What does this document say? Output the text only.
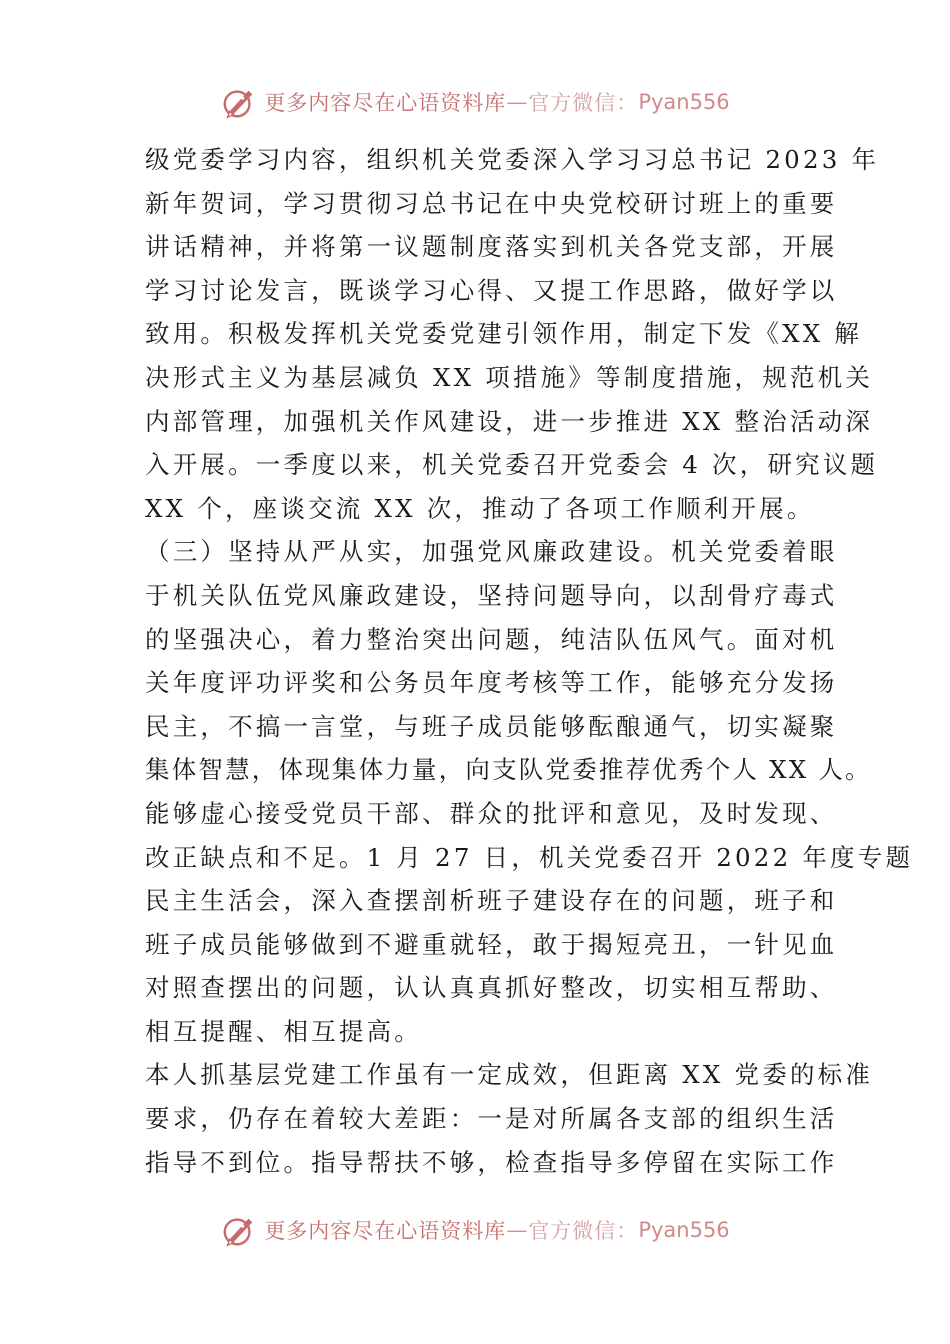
更多内容尽在心语资料库 — 官方微信： Pyan556
级党委学习内容，组织机关党委深入学习习总书记 2023 年
新年贺词，学习贯彻习总书记在中央党校研讨班上的重要
讲话精神，并将第一议题制度落实到机关各党支部，开展
学习讨论发言，既谈学习心得、又提工作思路，做好学以
致用。积极发挥机关党委党建引领作用，制定下发《XX 解
决形式主义为基层减负 XX 项措施》等制度措施，规范机关
内部管理，加强机关作风建设，进一步推进 XX 整治活动深
入开展。一季度以来，机关党委召开党委会 4 次，研究议题
XX 个，座谈交流 XX 次，推动了各项工作顺利开展。
（三）坚持从严从实，加强党风廉政建设。机关党委着眼
于机关队伍党风廉政建设，坚持问题导向，以刮骨疗毒式
的坚强决心，着力整治突出问题，纯洁队伍风气。面对机
关年度评功评奖和公务员年度考核等工作，能够充分发扬
民主，不搞一言堂，与班子成员能够酝酿通气，切实凝聚
集体智慧，体现集体力量，向支队党委推荐优秀个人 XX 人。
能够虚心接受党员干部、群众的批评和意见，及时发现、
改正缺点和不足。1 月 27 日，机关党委召开 2022 年度专题
民主生活会，深入查摆剖析班子建设存在的问题，班子和
班子成员能够做到不避重就轻，敢于揭短亮丑，一针见血
对照查摆出的问题，认认真真抓好整改，切实相互帮助、
相互提醒、相互提高。
本人抓基层党建工作虽有一定成效，但距离 XX 党委的标准
要求，仍存在着较大差距：一是对所属各支部的组织生活
指导不到位。指导帮扶不够，检查指导多停留在实际工作
更多内容尽在心语资料库 — 官方微信： Pyan556
